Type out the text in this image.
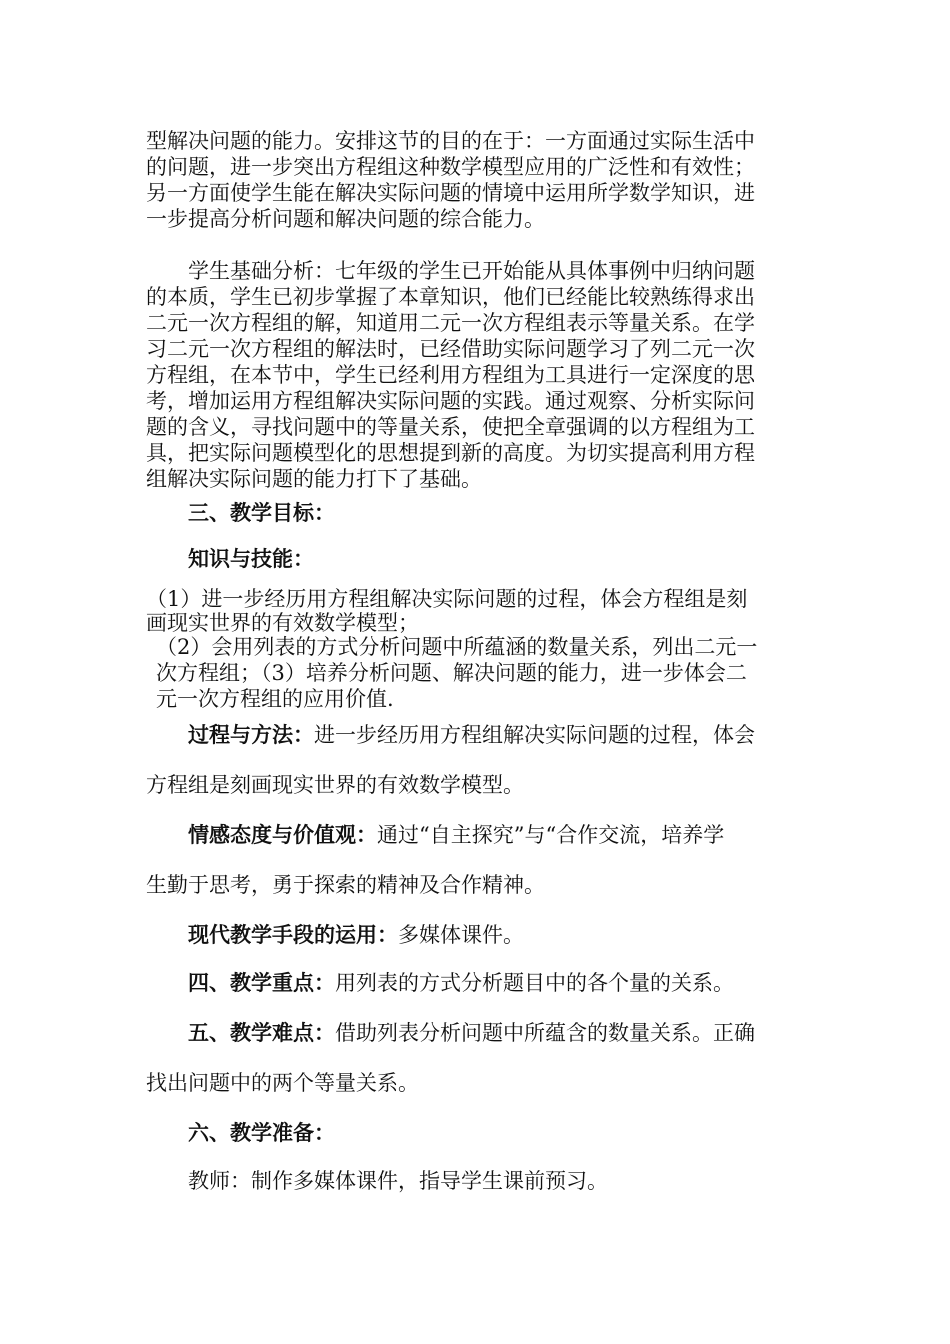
型解决问题的能力。安排这节的目的在于：一方面通过实际生活中
的问题，进一步突出方程组这种数学模型应用的广泛性和有效性；
另一方面使学生能在解决实际问题的情境中运用所学数学知识，进
一步提高分析问题和解决问题的综合能力。
学生基础分析：七年级的学生已开始能从具体事例中归纳问题
的本质，学生已初步掌握了本章知识，他们已经能比较熟练得求出
二元一次方程组的解，知道用二元一次方程组表示等量关系。在学
习二元一次方程组的解法时，已经借助实际问题学习了列二元一次
方程组，在本节中，学生已经利用方程组为工具进行一定深度的思
考，增加运用方程组解决实际问题的实践。通过观察、分析实际问
题的含义，寻找问题中的等量关系，使把全章强调的以方程组为工
具，把实际问题模型化的思想提到新的高度。为切实提高利用方程
组解决实际问题的能力打下了基础。
三、教学目标：
知识与技能：
（1）进一步经历用方程组解决实际问题的过程，体会方程组是刻
画现实世界的有效数学模型；
（2）会用列表的方式分析问题中所蕴涵的数量关系，列出二元一
次方程组；（3）培养分析问题、解决问题的能力，进一步体会二
元一次方程组的应用价值.
过程与方法：进一步经历用方程组解决实际问题的过程，体会
方程组是刻画现实世界的有效数学模型。
情感态度与价值观：通过“自主探究”与“合作交流，培养学
生勤于思考，勇于探索的精神及合作精神。
现代教学手段的运用：多媒体课件。
四、教学重点：用列表的方式分析题目中的各个量的关系。
五、教学难点：借助列表分析问题中所蕴含的数量关系。正确
找出问题中的两个等量关系。
六、教学准备：
教师：制作多媒体课件，指导学生课前预习。
